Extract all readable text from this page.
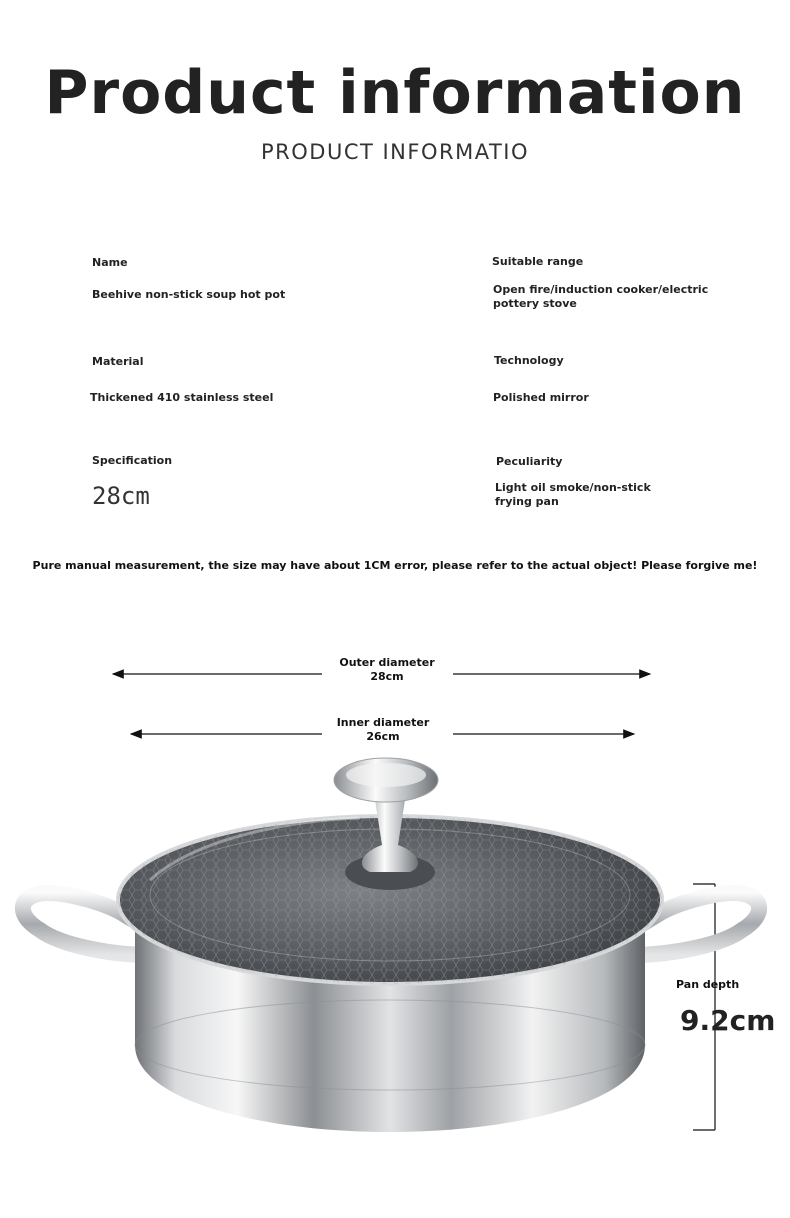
Product information
PRODUCT INFORMATIO
Name
Beehive non-stick soup hot pot
Suitable range
Open fire/induction cooker/electric
pottery stove
Material
Thickened 410 stainless steel
Technology
Polished mirror
Specification
28cm
Peculiarity
Light oil smoke/non-stick
frying pan
Pure manual measurement, the size may have about 1CM error, please refer to the actual object! Please forgive me!
Outer diameter
28cm
Inner diameter
26cm
Pan depth
9.2cm
